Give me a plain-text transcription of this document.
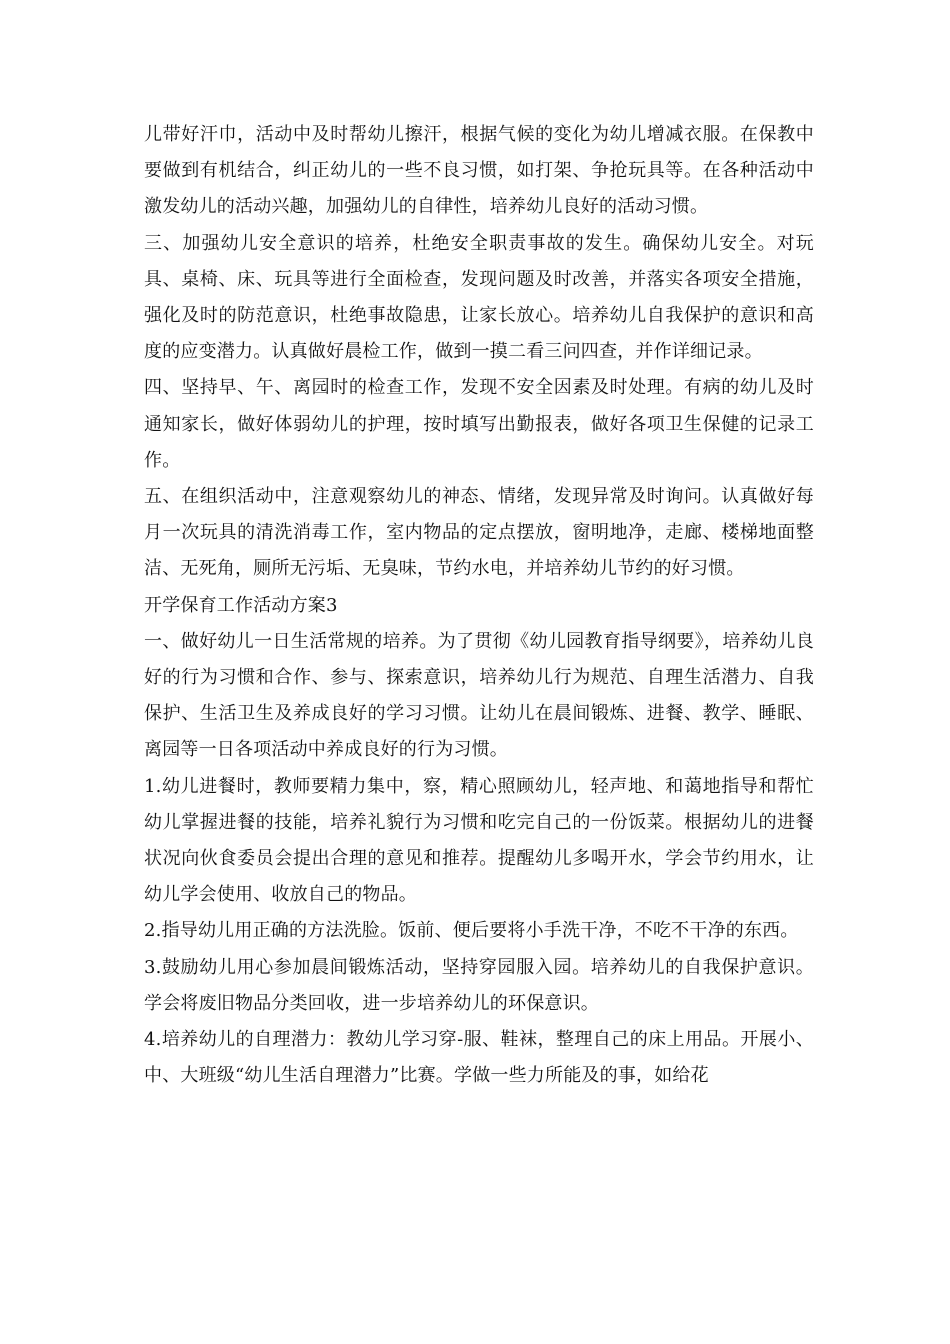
儿带好汗巾，活动中及时帮幼儿擦汗，根据气候的变化为幼儿增减衣服。在保教中要做到有机结合，纠正幼儿的一些不良习惯，如打架、争抢玩具等。在各种活动中激发幼儿的活动兴趣，加强幼儿的自律性，培养幼儿良好的活动习惯。

三、加强幼儿安全意识的培养，杜绝安全职责事故的发生。确保幼儿安全。对玩具、桌椅、床、玩具等进行全面检查，发现问题及时改善，并落实各项安全措施，强化及时的防范意识，杜绝事故隐患，让家长放心。培养幼儿自我保护的意识和高度的应变潜力。认真做好晨检工作，做到一摸二看三问四查，并作详细记录。

四、坚持早、午、离园时的检查工作，发现不安全因素及时处理。有病的幼儿及时通知家长，做好体弱幼儿的护理，按时填写出勤报表，做好各项卫生保健的记录工作。

五、在组织活动中，注意观察幼儿的神态、情绪，发现异常及时询问。认真做好每月一次玩具的清洗消毒工作，室内物品的定点摆放，窗明地净，走廊、楼梯地面整洁、无死角，厕所无污垢、无臭味，节约水电，并培养幼儿节约的好习惯。

开学保育工作活动方案3

一、做好幼儿一日生活常规的培养。为了贯彻《幼儿园教育指导纲要》，培养幼儿良好的行为习惯和合作、参与、探索意识，培养幼儿行为规范、自理生活潜力、自我保护、生活卫生及养成良好的学习习惯。让幼儿在晨间锻炼、进餐、教学、睡眠、离园等一日各项活动中养成良好的行为习惯。

1.幼儿进餐时，教师要精力集中，察，精心照顾幼儿，轻声地、和蔼地指导和帮忙幼儿掌握进餐的技能，培养礼貌行为习惯和吃完自己的一份饭菜。根据幼儿的进餐状况向伙食委员会提出合理的意见和推荐。提醒幼儿多喝开水，学会节约用水，让幼儿学会使用、收放自己的物品。

2.指导幼儿用正确的方法洗脸。饭前、便后要将小手洗干净，不吃不干净的东西。

3.鼓励幼儿用心参加晨间锻炼活动，坚持穿园服入园。培养幼儿的自我保护意识。学会将废旧物品分类回收，进一步培养幼儿的环保意识。

4.培养幼儿的自理潜力：教幼儿学习穿-服、鞋袜，整理自己的床上用品。开展小、中、大班级“幼儿生活自理潜力”比赛。学做一些力所能及的事，如给花
